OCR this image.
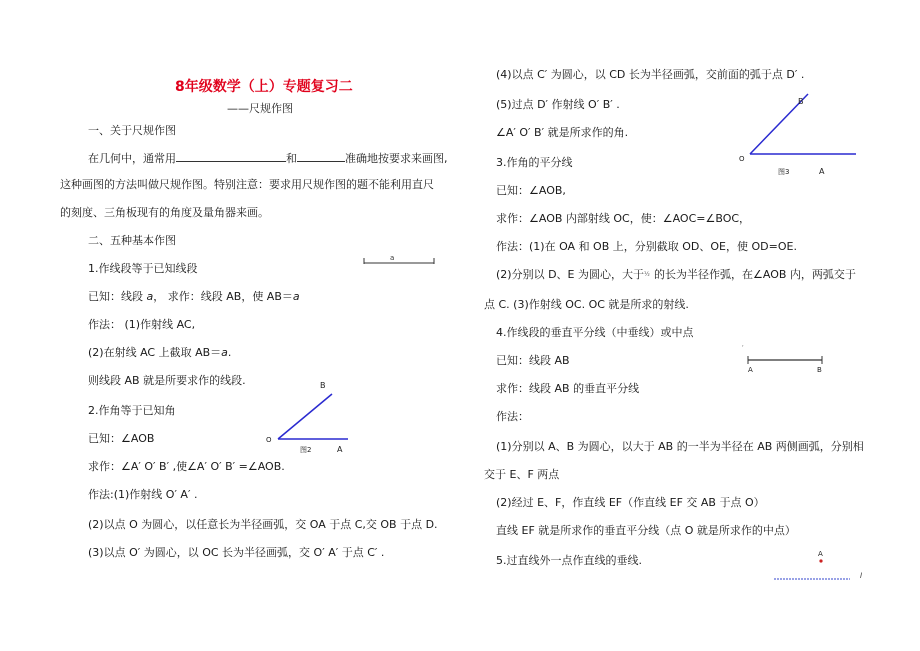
8年级数学（上）专题复习二
——尺规作图
一、关于尺规作图
在几何中，通常用	和	准确地按要求来画图,
这种画图的方法叫做尺规作图。特别注意：要求用尺规作图的题不能利用直尺
的刻度、三角板现有的角度及量角器来画。
二、五种基本作图
1.作线段等于已知线段
已知：线段 a， 求作：线段 AB，使 AB＝a
作法： (1)作射线 AC,
(2)在射线 AC 上截取 AB＝a.
则线段 AB 就是所要求作的线段.
2.作角等于已知角
已知：∠AOB
求作：∠A′ O′ B′ ,使∠A′ O′ B′ =∠AOB.
作法:(1)作射线 O′ A′ .
(2)以点 O 为圆心，以任意长为半径画弧，交 OA 于点 C,交 OB 于点 D.
(3)以点 O′ 为圆心，以 OC 长为半径画弧，交 O′ A′ 于点 C′ .
a
B
O
A
图2
(4)以点 C′ 为圆心，以 CD 长为半径画弧，交前面的弧于点 D′ .
(5)过点 D′ 作射线 O′ B′ .
∠A′ O′ B′ 就是所求作的角.
3.作角的平分线
已知：∠AOB,
求作：∠AOB 内部射线 OC，使：∠AOC=∠BOC，
作法：(1)在 OA 和 OB 上，分别截取 OD、OE，使 OD=OE.
(2)分别以 D、E 为圆心，大于½ 的长为半径作弧，在∠AOB 内，两弧交于
点 C. (3)作射线 OC. OC 就是所求的射线.
4.作线段的垂直平分线（中垂线）或中点
已知：线段 AB
求作：线段 AB 的垂直平分线
作法：
(1)分别以 A、B 为圆心，以大于 AB 的一半为半径在 AB 两侧画弧，分别相
交于 E、F 两点
(2)经过 E、F，作直线 EF（作直线 EF 交 AB 于点 O）
直线 EF 就是所求作的垂直平分线（点 O 就是所求作的中点）
5.过直线外一点作直线的垂线.
B
O
A
图3
ʳ
A	B
A
l
